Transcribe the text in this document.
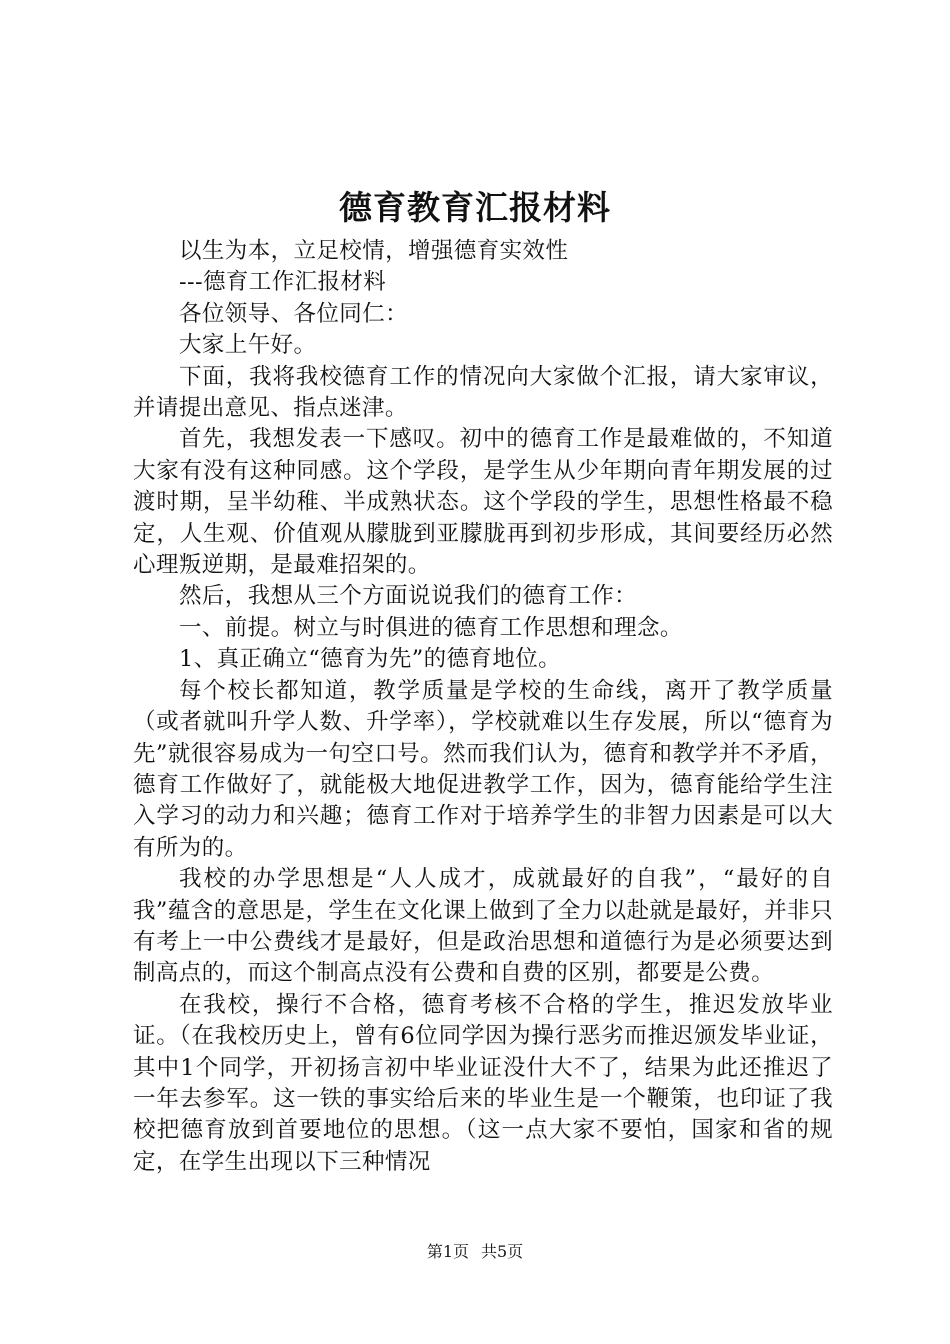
德育教育汇报材料

以生为本，立足校情，增强德育实效性

---德育工作汇报材料

各位领导、各位同仁：

大家上午好。

下面，我将我校德育工作的情况向大家做个汇报，请大家审议，并请提出意见、指点迷津。

首先，我想发表一下感叹。初中的德育工作是最难做的，不知道大家有没有这种同感。这个学段，是学生从少年期向青年期发展的过渡时期，呈半幼稚、半成熟状态。这个学段的学生，思想性格最不稳定，人生观、价值观从朦胧到亚朦胧再到初步形成，其间要经历必然心理叛逆期，是最难招架的。

然后，我想从三个方面说说我们的德育工作：

一、前提。树立与时俱进的德育工作思想和理念。

1、真正确立“德育为先”的德育地位。

每个校长都知道，教学质量是学校的生命线，离开了教学质量（或者就叫升学人数、升学率），学校就难以生存发展，所以“德育为先”就很容易成为一句空口号。然而我们认为，德育和教学并不矛盾，德育工作做好了，就能极大地促进教学工作，因为，德育能给学生注入学习的动力和兴趣；德育工作对于培养学生的非智力因素是可以大有所为的。

我校的办学思想是“人人成才，成就最好的自我”，“最好的自我”蕴含的意思是，学生在文化课上做到了全力以赴就是最好，并非只有考上一中公费线才是最好，但是政治思想和道德行为是必须要达到制高点的，而这个制高点没有公费和自费的区别，都要是公费。

在我校，操行不合格，德育考核不合格的学生，推迟发放毕业证。（在我校历史上，曾有6位同学因为操行恶劣而推迟颁发毕业证，其中1个同学，开初扬言初中毕业证没什大不了，结果为此还推迟了一年去参军。这一铁的事实给后来的毕业生是一个鞭策，也印证了我校把德育放到首要地位的思想。（这一点大家不要怕，国家和省的规定，在学生出现以下三种情况

第1页 共5页
